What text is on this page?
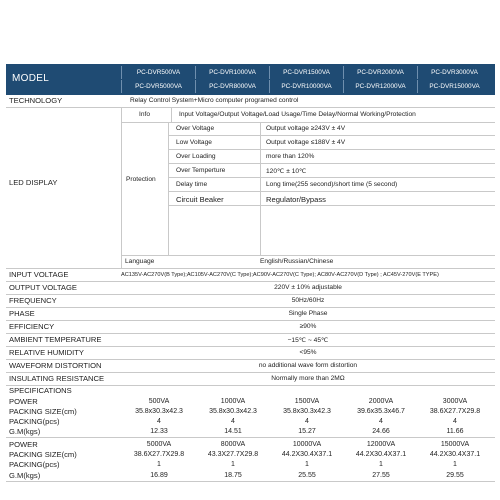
MODEL
PC-DVR500VA	PC-DVR1000VA	PC-DVR1500VA	PC-DVR2000VA	PC-DVR3000VA
PC-DVR5000VA	PC-DVR8000VA	PC-DVR10000VA	PC-DVR12000VA	PC-DVR15000VA
TECHNOLOGY	Relay Control System+Micro computer programed control
LED DISPLAY
Info	Input Voltage/Output Voltage/Load Usage/Time Delay/Normal Working/Protection
Protection
Over Voltage	Output voltage ≥243V ± 4V
Low Voltage	Output voltage ≤188V ± 4V
Over Loading	more than 120%
Over Temperture	120℃ ± 10℃
Delay time	Long time(255 second)/short time (5 second)
Circuit Beaker	Regulator/Bypass
Language	English/Russian/Chinese
INPUT VOLTAGE	AC135V-AC270V(B Type);AC105V-AC270V(C Type);AC90V-AC270V(C Type); AC80V-AC270V(D Type) ; AC45V-270V(E TYPE)
OUTPUT VOLTAGE	220V ± 10% adjustable
FREQUENCY	50Hz/60Hz
PHASE	Single Phase
EFFICIENCY	≥90%
AMBIENT TEMPERATURE	−15℃ ~ 45℃
RELATIVE HUMIDITY	<95%
WAVEFORM DISTORTION	no additional wave form distortion
INSULATING RESISTANCE	Normally more than 2MΩ
SPECIFICATIONS
POWER	500VA	1000VA	1500VA	2000VA	3000VA
PACKING SIZE(cm)	35.8x30.3x42.3	35.8x30.3x42.3	35.8x30.3x42.3	39.6x35.3x46.7	38.6X27.7X29.8
PACKING(pcs)	4	4	4	4	4
G.M(kgs)	12.33	14.51	15.27	24.66	11.66
POWER	5000VA	8000VA	10000VA	12000VA	15000VA
PACKING SIZE(cm)	38.6X27.7X29.8	43.3X27.7X29.8	44.2X30.4X37.1	44.2X30.4X37.1	44.2X30.4X37.1
PACKING(pcs)	1	1	1	1	1
G.M(kgs)	16.89	18.75	25.55	27.55	29.55
